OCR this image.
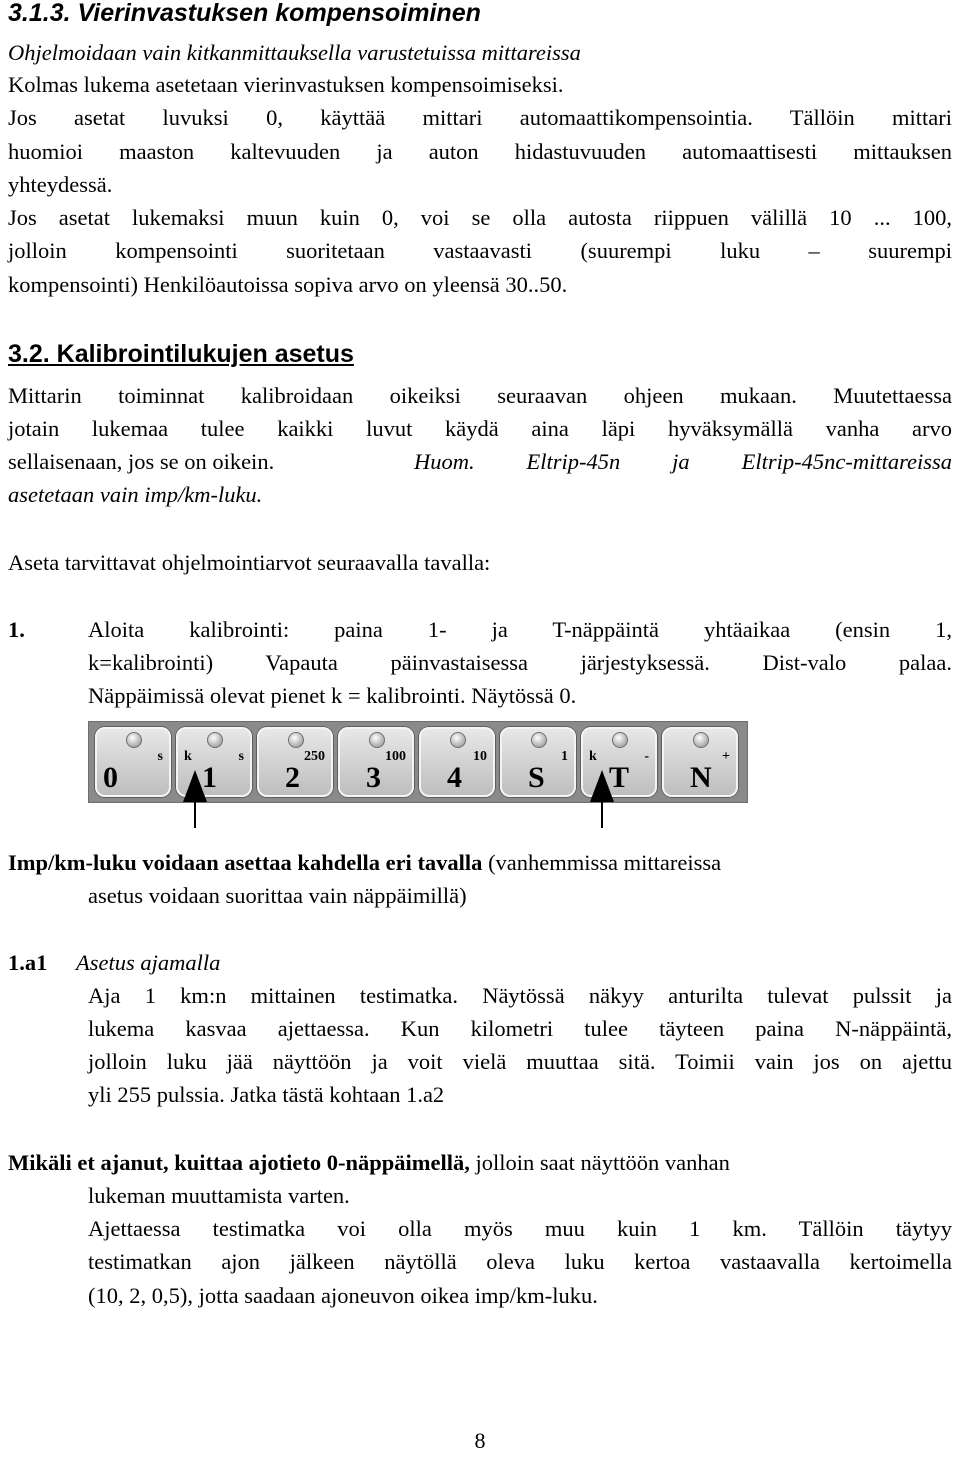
3.1.3. Vierinvastuksen kompensoiminen
Ohjelmoidaan vain kitkanmittauksella varustetuissa mittareissa
Kolmas lukema asetetaan vierinvastuksen kompensoimiseksi.
Jos asetat luvuksi 0, käyttää mittari automaattikompensointia. Tällöin mittari
huomioi maaston kaltevuuden ja auton hidastuvuuden automaattisesti mittauksen
yhteydessä.
Jos asetat lukemaksi muun kuin 0, voi se olla autosta riippuen välillä 10 ... 100,
jolloin kompensointi suoritetaan vastaavasti (suurempi luku – suurempi
kompensointi) Henkilöautoissa sopiva arvo on yleensä 30..50.
3.2. Kalibrointilukujen asetus
Mittarin toiminnat kalibroidaan oikeiksi seuraavan ohjeen mukaan. Muutettaessa
jotain lukemaa tulee kaikki luvut käydä aina läpi hyväksymällä vanha arvo
sellaisenaan, jos se on oikein.	Huom. Eltrip-45n ja Eltrip-45nc-mittareissa
asetetaan vain imp/km-luku.
Aseta tarvittavat ohjelmointiarvot seuraavalla tavalla:
1.	Aloita kalibrointi: paina 1- ja T-näppäintä yhtäaikaa (ensin 1,
k=kalibrointi) Vapauta päinvastaisessa järjestyksessä. Dist-valo palaa.
Näppäimissä olevat pienet k = kalibrointi. Näytössä 0.
s
0
k	s
1
250
2
100
3
10
4
1
S
k	-
T
+
N
Imp/km-luku voidaan asettaa kahdella eri tavalla (vanhemmissa mittareissa
asetus voidaan suorittaa vain näppäimillä)
1.a1 Asetus ajamalla
Aja 1 km:n mittainen testimatka. Näytössä näkyy anturilta tulevat pulssit ja
lukema kasvaa ajettaessa. Kun kilometri tulee täyteen paina N-näppäintä,
jolloin luku jää näyttöön ja voit vielä muuttaa sitä. Toimii vain jos on ajettu
yli 255 pulssia. Jatka tästä kohtaan 1.a2
Mikäli et ajanut, kuittaa ajotieto 0-näppäimellä, jolloin saat näyttöön vanhan
lukeman muuttamista varten.
Ajettaessa testimatka voi olla myös muu kuin 1 km. Tällöin täytyy
testimatkan ajon jälkeen näytöllä oleva luku kertoa vastaavalla kertoimella
(10, 2, 0,5), jotta saadaan ajoneuvon oikea imp/km-luku.
8
